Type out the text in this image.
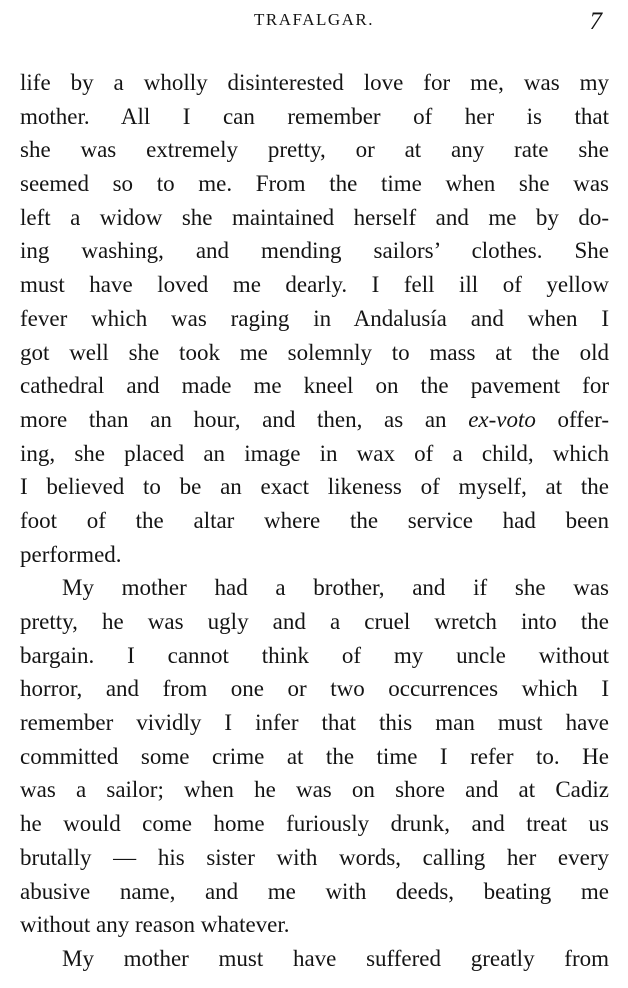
TRAFALGAR.	7
life by a wholly disinterested love for me, was my
mother. All I can remember of her is that
she was extremely pretty, or at any rate she
seemed so to me. From the time when she was
left a widow she maintained herself and me by do-
ing washing, and mending sailors’ clothes. She
must have loved me dearly. I fell ill of yellow
fever which was raging in Andalusía and when I
got well she took me solemnly to mass at the old
cathedral and made me kneel on the pavement for
more than an hour, and then, as an ex-voto offer-
ing, she placed an image in wax of a child, which
I believed to be an exact likeness of myself, at the
foot of the altar where the service had been
performed.
My mother had a brother, and if she was
pretty, he was ugly and a cruel wretch into the
bargain. I cannot think of my uncle without
horror, and from one or two occurrences which I
remember vividly I infer that this man must have
committed some crime at the time I refer to. He
was a sailor; when he was on shore and at Cadiz
he would come home furiously drunk, and treat us
brutally — his sister with words, calling her every
abusive name, and me with deeds, beating me
without any reason whatever.
My mother must have suffered greatly from
